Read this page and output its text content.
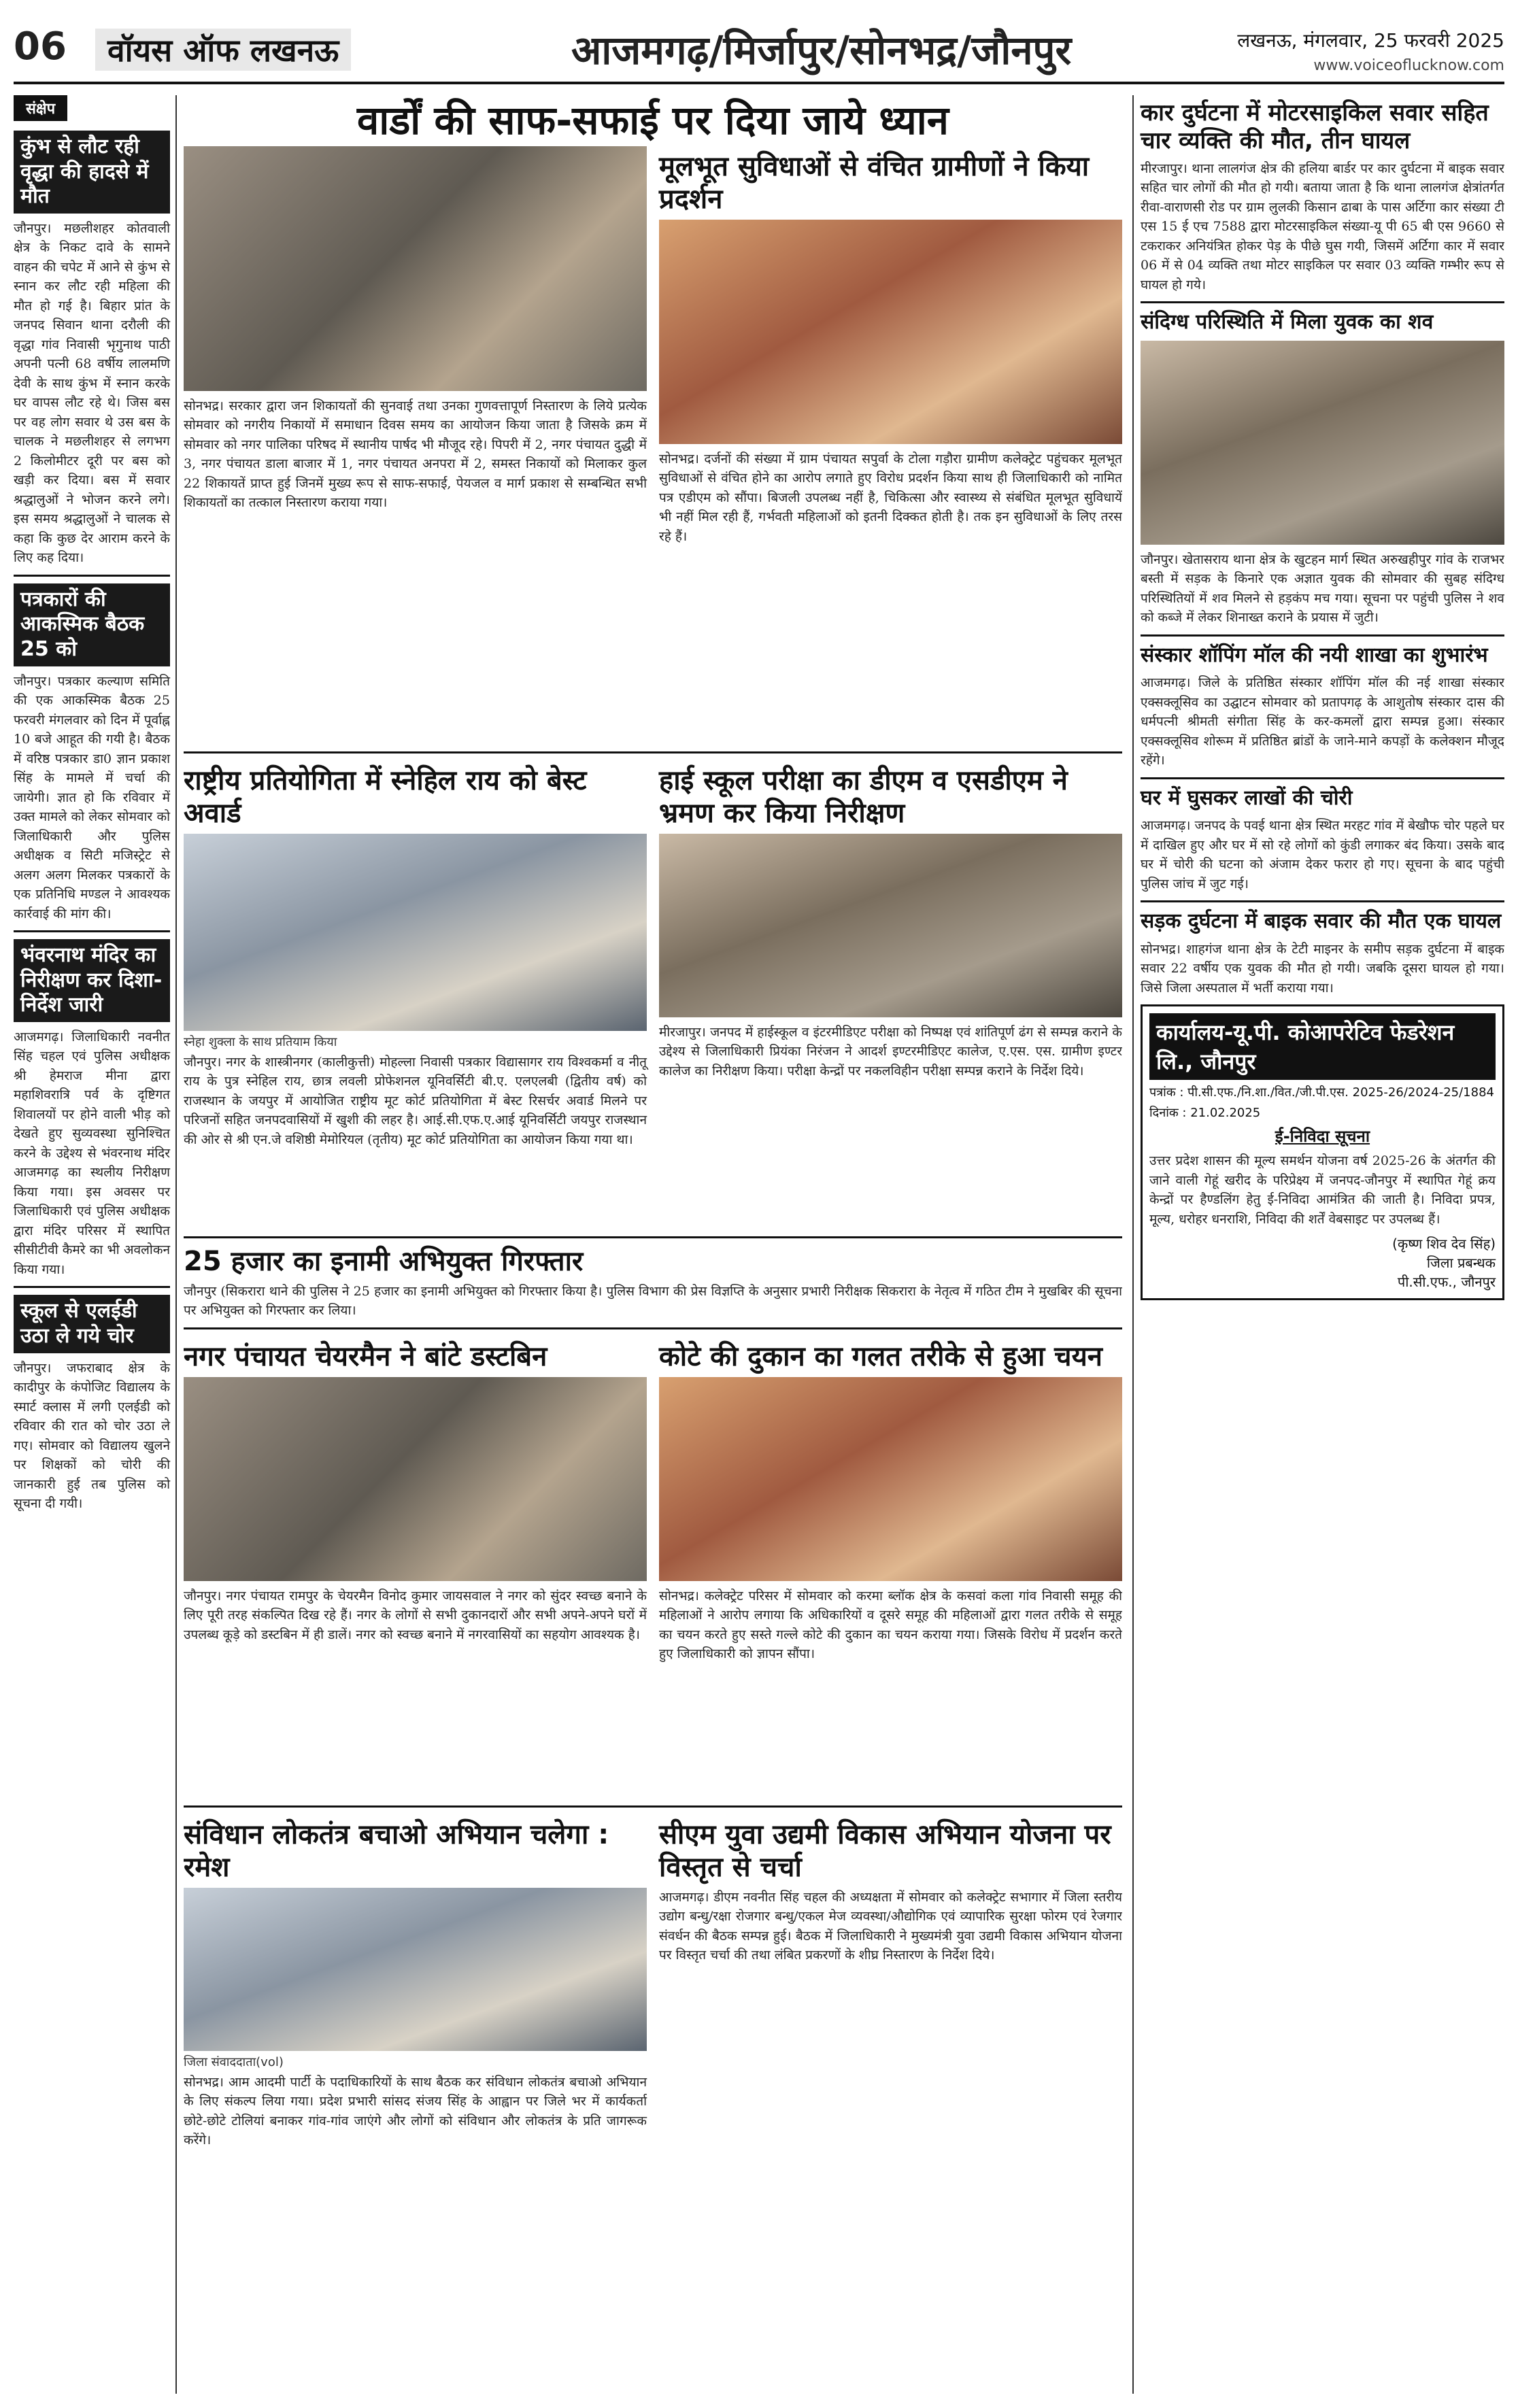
06	वॉयस ऑफ लखनऊ	आजमगढ़/मिर्जापुर/सोनभद्र/जौनपुर	लखनऊ, मंगलवार, 25 फरवरी 2025
www.voiceoflucknow.com
संक्षेप
कुंभ से लौट रही वृद्धा की हादसे में मौत

जौनपुर। मछलीशहर कोतवाली क्षेत्र के निकट दावे के सामने वाहन की चपेट में आने से कुंभ से स्नान कर लौट रही महिला की मौत हो गई है। बिहार प्रांत के जनपद सिवान थाना दरौली की वृद्धा गांव निवासी भृगुनाथ पाठी अपनी पत्नी 68 वर्षीय लालमणि देवी के साथ कुंभ में स्नान करके घर वापस लौट रहे थे। जिस बस पर वह लोग सवार थे उस बस के चालक ने मछलीशहर से लगभग 2 किलोमीटर दूरी पर बस को खड़ी कर दिया। बस में सवार श्रद्धालुओं ने भोजन करने लगे। इस समय श्रद्धालुओं ने चालक से कहा कि कुछ देर आराम करने के लिए कह दिया।

पत्रकारों की आकस्मिक बैठक 25 को

जौनपुर। पत्रकार कल्याण समिति की एक आकस्मिक बैठक 25 फरवरी मंगलवार को दिन में पूर्वाह्न 10 बजे आहूत की गयी है। बैठक में वरिष्ठ पत्रकार डा0 ज्ञान प्रकाश सिंह के मामले में चर्चा की जायेगी। ज्ञात हो कि रविवार में उक्त मामले को लेकर सोमवार को जिलाधिकारी और पुलिस अधीक्षक व सिटी मजिस्ट्रेट से अलग अलग मिलकर पत्रकारों के एक प्रतिनिधि मण्डल ने आवश्यक कार्रवाई की मांग की।

भंवरनाथ मंदिर का निरीक्षण कर दिशा-निर्देश जारी

आजमगढ़। जिलाधिकारी नवनीत सिंह चहल एवं पुलिस अधीक्षक श्री हेमराज मीना द्वारा महाशिवरात्रि पर्व के दृष्टिगत शिवालयों पर होने वाली भीड़ को देखते हुए सुव्यवस्था सुनिश्चित करने के उद्देश्य से भंवरनाथ मंदिर आजमगढ़ का स्थलीय निरीक्षण किया गया। इस अवसर पर जिलाधिकारी एवं पुलिस अधीक्षक द्वारा मंदिर परिसर में स्थापित सीसीटीवी कैमरे का भी अवलोकन किया गया।

स्कूल से एलईडी उठा ले गये चोर

जौनपुर। जफराबाद क्षेत्र के कादीपुर के कंपोजिट विद्यालय के स्मार्ट क्लास में लगी एलईडी को रविवार की रात को चोर उठा ले गए। सोमवार को विद्यालय खुलने पर शिक्षकों को चोरी की जानकारी हुई तब पुलिस को सूचना दी गयी।

वार्डों की साफ-सफाई पर दिया जाये ध्यान

सोनभद्र। सरकार द्वारा जन शिकायतों की सुनवाई तथा उनका गुणवत्तापूर्ण निस्तारण के लिये प्रत्येक सोमवार को नगरीय निकायों में समाधान दिवस समय का आयोजन किया जाता है जिसके क्रम में सोमवार को नगर पालिका परिषद में स्थानीय पार्षद भी मौजूद रहे। पिपरी में 2, नगर पंचायत दुद्धी में 3, नगर पंचायत डाला बाजार में 1, नगर पंचायत अनपरा में 2, समस्त निकायों को मिलाकर कुल 22 शिकायतें प्राप्त हुई जिनमें मुख्य रूप से साफ-सफाई, पेयजल व मार्ग प्रकाश से सम्बन्धित सभी शिकायतों का तत्काल निस्तारण कराया गया।

मूलभूत सुविधाओं से वंचित ग्रामीणों ने किया प्रदर्शन

सोनभद्र। दर्जनों की संख्या में ग्राम पंचायत सपुर्वा के टोला गड़ौरा ग्रामीण कलेक्ट्रेट पहुंचकर मूलभूत सुविधाओं से वंचित होने का आरोप लगाते हुए विरोध प्रदर्शन किया साथ ही जिलाधिकारी को नामित पत्र एडीएम को सौंपा। बिजली उपलब्ध नहीं है, चिकित्सा और स्वास्थ्य से संबंधित मूलभूत सुविधायें भी नहीं मिल रही हैं, गर्भवती महिलाओं को इतनी दिक्कत होती है। तक इन सुविधाओं के लिए तरस रहे हैं।

राष्ट्रीय प्रतियोगिता में स्नेहिल राय को बेस्ट अवार्ड
स्नेहा शुक्ला के साथ प्रतियाम किया

जौनपुर। नगर के शास्त्रीनगर (कालीकुत्ती) मोहल्ला निवासी पत्रकार विद्यासागर राय विश्वकर्मा व नीतू राय के पुत्र स्नेहिल राय, छात्र लवली प्रोफेशनल यूनिवर्सिटी बी.ए. एलएलबी (द्वितीय वर्ष) को राजस्थान के जयपुर में आयोजित राष्ट्रीय मूट कोर्ट प्रतियोगिता में बेस्ट रिसर्चर अवार्ड मिलने पर परिजनों सहित जनपदवासियों में खुशी की लहर है। आई.सी.एफ.ए.आई यूनिवर्सिटी जयपुर राजस्थान की ओर से श्री एन.जे वशिष्ठी मेमोरियल (तृतीय) मूट कोर्ट प्रतियोगिता का आयोजन किया गया था।

हाई स्कूल परीक्षा का डीएम व एसडीएम ने भ्रमण कर किया निरीक्षण

मीरजापुर। जनपद में हाईस्कूल व इंटरमीडिएट परीक्षा को निष्पक्ष एवं शांतिपूर्ण ढंग से सम्पन्न कराने के उद्देश्य से जिलाधिकारी प्रियंका निरंजन ने आदर्श इण्टरमीडिएट कालेज, ए.एस. एस. ग्रामीण इण्टर कालेज का निरीक्षण किया। परीक्षा केन्द्रों पर नकलविहीन परीक्षा सम्पन्न कराने के निर्देश दिये।

25 हजार का इनामी अभियुक्त गिरफ्तार

जौनपुर (सिकरारा थाने की पुलिस ने 25 हजार का इनामी अभियुक्त को गिरफ्तार किया है। पुलिस विभाग की प्रेस विज्ञप्ति के अनुसार प्रभारी निरीक्षक सिकरारा के नेतृत्व में गठित टीम ने मुखबिर की सूचना पर अभियुक्त को गिरफ्तार कर लिया।

नगर पंचायत चेयरमैन ने बांटे डस्टबिन

जौनपुर। नगर पंचायत रामपुर के चेयरमैन विनोद कुमार जायसवाल ने नगर को सुंदर स्वच्छ बनाने के लिए पूरी तरह संकल्पित दिख रहे हैं। नगर के लोगों से सभी दुकानदारों और सभी अपने-अपने घरों में उपलब्ध कूड़े को डस्टबिन में ही डालें। नगर को स्वच्छ बनाने में नगरवासियों का सहयोग आवश्यक है।

कोटे की दुकान का गलत तरीके से हुआ चयन

सोनभद्र। कलेक्ट्रेट परिसर में सोमवार को करमा ब्लॉक क्षेत्र के कसवां कला गांव निवासी समूह की महिलाओं ने आरोप लगाया कि अधिकारियों व दूसरे समूह की महिलाओं द्वारा गलत तरीके से समूह का चयन करते हुए सस्ते गल्ले कोटे की दुकान का चयन कराया गया। जिसके विरोध में प्रदर्शन करते हुए जिलाधिकारी को ज्ञापन सौंपा।

संविधान लोकतंत्र बचाओ अभियान चलेगा : रमेश
जिला संवाददाता(vol)

सोनभद्र। आम आदमी पार्टी के पदाधिकारियों के साथ बैठक कर संविधान लोकतंत्र बचाओ अभियान के लिए संकल्प लिया गया। प्रदेश प्रभारी सांसद संजय सिंह के आह्वान पर जिले भर में कार्यकर्ता छोटे-छोटे टोलियां बनाकर गांव-गांव जाएंगे और लोगों को संविधान और लोकतंत्र के प्रति जागरूक करेंगे।

सीएम युवा उद्यमी विकास अभियान योजना पर विस्तृत से चर्चा

आजमगढ़। डीएम नवनीत सिंह चहल की अध्यक्षता में सोमवार को कलेक्ट्रेट सभागार में जिला स्तरीय उद्योग बन्धु/रक्षा रोजगार बन्धु/एकल मेज व्यवस्था/औद्योगिक एवं व्यापारिक सुरक्षा फोरम एवं रेजगार संवर्धन की बैठक सम्पन्न हुई। बैठक में जिलाधिकारी ने मुख्यमंत्री युवा उद्यमी विकास अभियान योजना पर विस्तृत चर्चा की तथा लंबित प्रकरणों के शीघ्र निस्तारण के निर्देश दिये।

कार दुर्घटना में मोटरसाइकिल सवार सहित चार व्यक्ति की मौत, तीन घायल

मीरजापुर। थाना लालगंज क्षेत्र की हलिया बार्डर पर कार दुर्घटना में बाइक सवार सहित चार लोगों की मौत हो गयी। बताया जाता है कि थाना लालगंज क्षेत्रांतर्गत रीवा-वाराणसी रोड पर ग्राम लुलकी किसान ढाबा के पास अर्टिगा कार संख्या टी एस 15 ई एच 7588 द्वारा मोटरसाइकिल संख्या-यू पी 65 बी एस 9660 से टकराकर अनियंत्रित होकर पेड़ के पीछे घुस गयी, जिसमें अर्टिगा कार में सवार 06 में से 04 व्यक्ति तथा मोटर साइकिल पर सवार 03 व्यक्ति गम्भीर रूप से घायल हो गये।

संदिग्ध परिस्थिति में मिला युवक का शव

जौनपुर। खेतासराय थाना क्षेत्र के खुटहन मार्ग स्थित अरुखहीपुर गांव के राजभर बस्ती में सड़क के किनारे एक अज्ञात युवक की सोमवार की सुबह संदिग्ध परिस्थितियों में शव मिलने से हड़कंप मच गया। सूचना पर पहुंची पुलिस ने शव को कब्जे में लेकर शिनाख्त कराने के प्रयास में जुटी।

संस्कार शॉपिंग मॉल की नयी शाखा का शुभारंभ

आजमगढ़। जिले के प्रतिष्ठित संस्कार शॉपिंग मॉल की नई शाखा संस्कार एक्सक्लूसिव का उद्घाटन सोमवार को प्रतापगढ़ के आशुतोष संस्कार दास की धर्मपत्नी श्रीमती संगीता सिंह के कर-कमलों द्वारा सम्पन्न हुआ। संस्कार एक्सक्लूसिव शोरूम में प्रतिष्ठित ब्रांडों के जाने-माने कपड़ों के कलेक्शन मौजूद रहेंगे।

घर में घुसकर लाखों की चोरी

आजमगढ़। जनपद के पवई थाना क्षेत्र स्थित मरहट गांव में बेखौफ चोर पहले घर में दाखिल हुए और घर में सो रहे लोगों को कुंडी लगाकर बंद किया। उसके बाद घर में चोरी की घटना को अंजाम देकर फरार हो गए। सूचना के बाद पहुंची पुलिस जांच में जुट गई।

सड़क दुर्घटना में बाइक सवार की मौत एक घायल

सोनभद्र। शाहगंज थाना क्षेत्र के टेटी माइनर के समीप सड़क दुर्घटना में बाइक सवार 22 वर्षीय एक युवक की मौत हो गयी। जबकि दूसरा घायल हो गया। जिसे जिला अस्पताल में भर्ती कराया गया।

कार्यालय-यू.पी. कोआपरेटिव फेडरेशन लि., जौनपुर
पत्रांक : पी.सी.एफ./नि.शा./वित./जी.पी.एस. 2025-26/2024-25/1884
दिनांक : 21.02.2025
ई-निविदा सूचना

उत्तर प्रदेश शासन की मूल्य समर्थन योजना वर्ष 2025-26 के अंतर्गत की जाने वाली गेहूं खरीद के परिप्रेक्ष्य में जनपद-जौनपुर में स्थापित गेहूं क्रय केन्द्रों पर हैण्डलिंग हेतु ई-निविदा आमंत्रित की जाती है। निविदा प्रपत्र, मूल्य, धरोहर धनराशि, निविदा की शर्तें वेबसाइट पर उपलब्ध हैं।

(कृष्ण शिव देव सिंह)
जिला प्रबन्धक
पी.सी.एफ., जौनपुर
